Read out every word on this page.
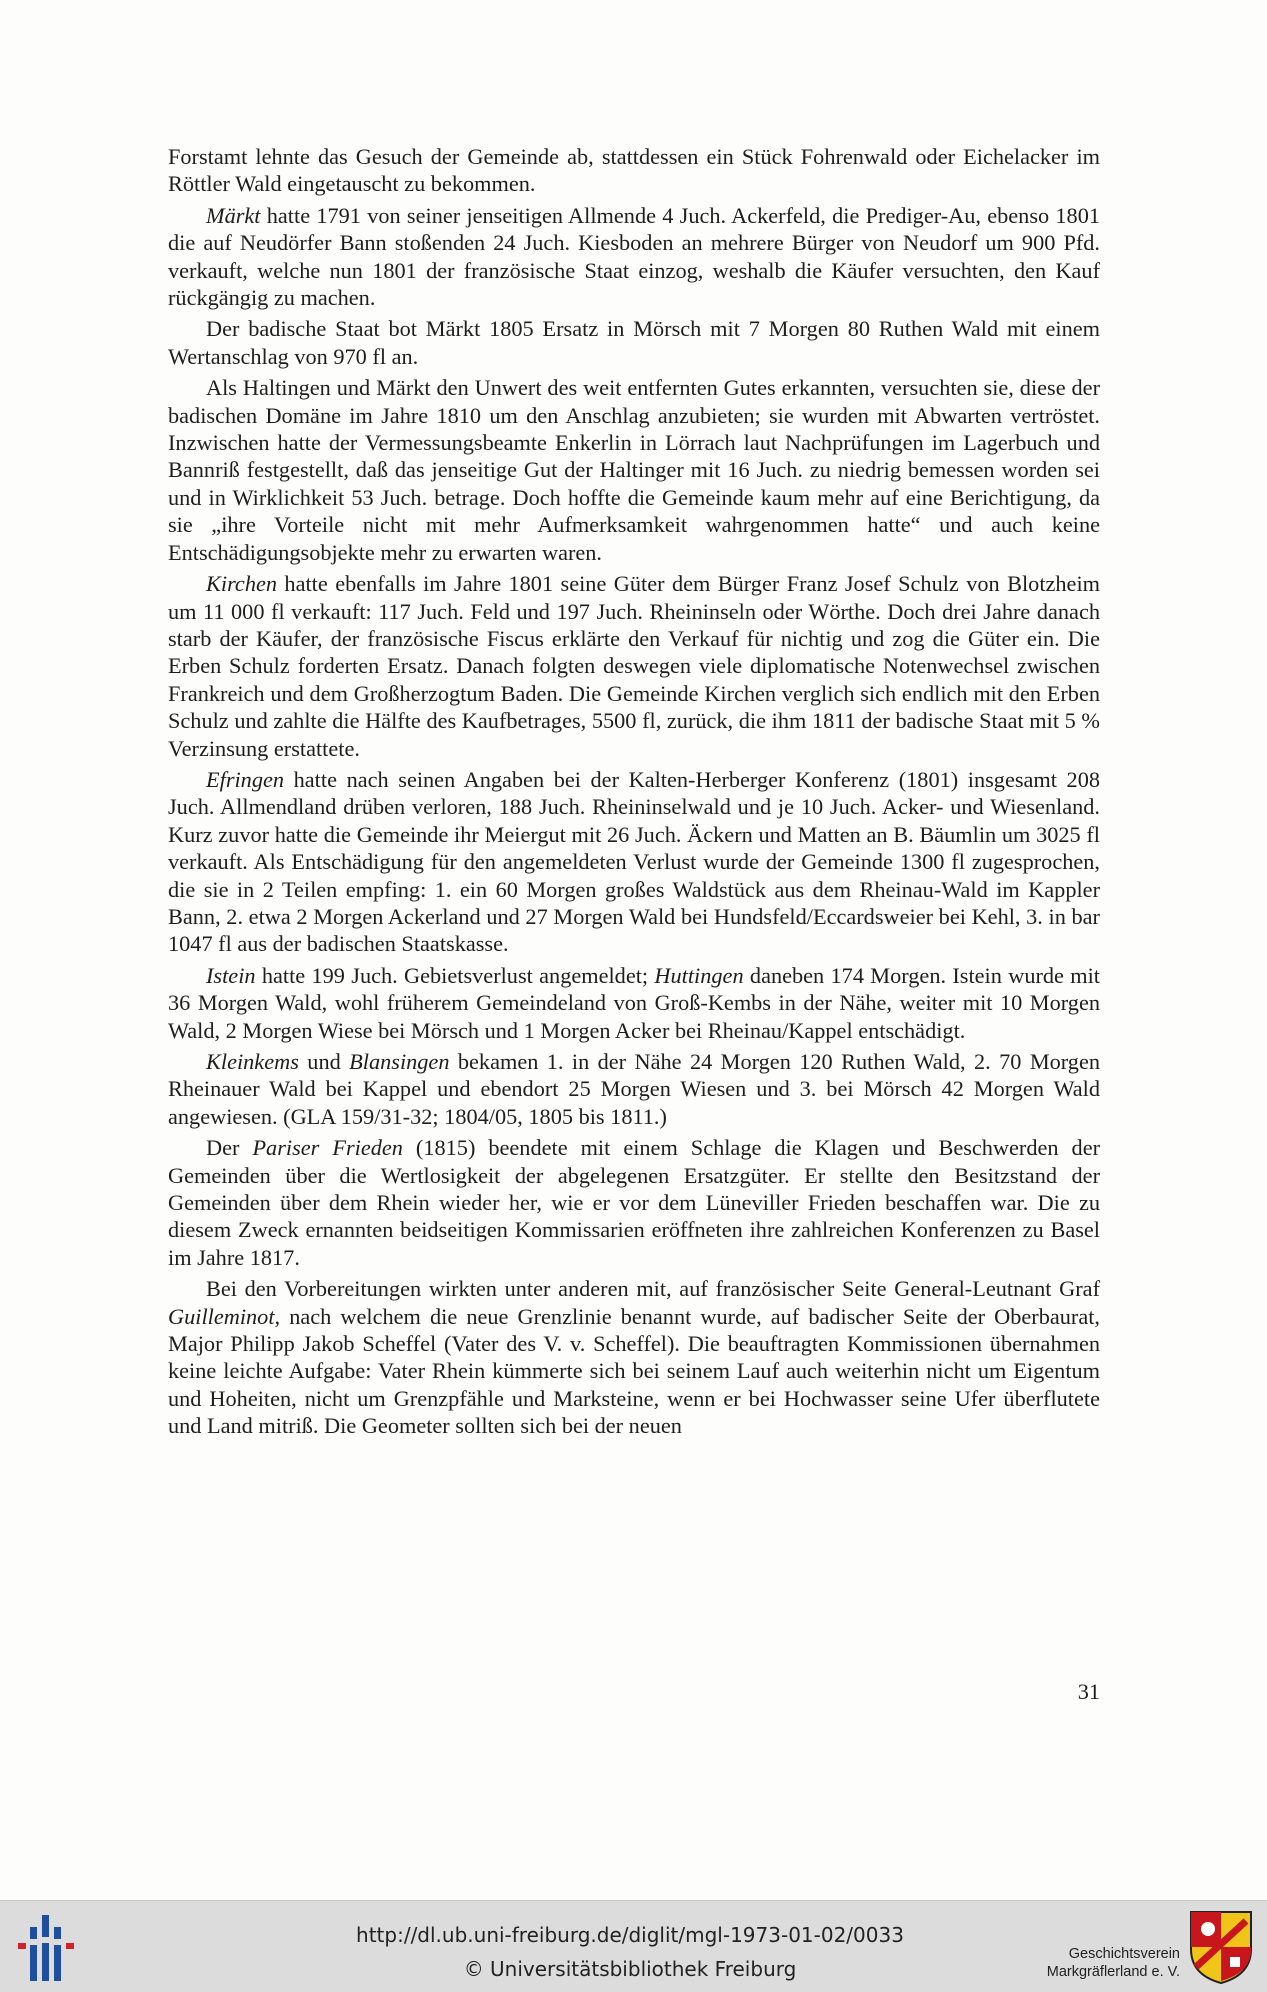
Forstamt lehnte das Gesuch der Gemeinde ab, stattdessen ein Stück Fohrenwald oder Eichelacker im Röttler Wald eingetauscht zu bekommen.

Märkt hatte 1791 von seiner jenseitigen Allmende 4 Juch. Ackerfeld, die Prediger-Au, ebenso 1801 die auf Neudörfer Bann stoßenden 24 Juch. Kiesboden an mehrere Bürger von Neudorf um 900 Pfd. verkauft, welche nun 1801 der französische Staat einzog, weshalb die Käufer versuchten, den Kauf rückgängig zu machen.

Der badische Staat bot Märkt 1805 Ersatz in Mörsch mit 7 Morgen 80 Ruthen Wald mit einem Wertanschlag von 970 fl an.

Als Haltingen und Märkt den Unwert des weit entfernten Gutes erkannten, versuchten sie, diese der badischen Domäne im Jahre 1810 um den Anschlag anzubieten; sie wurden mit Abwarten vertröstet. Inzwischen hatte der Vermessungsbeamte Enkerlin in Lörrach laut Nachprüfungen im Lagerbuch und Bannriß festgestellt, daß das jenseitige Gut der Haltinger mit 16 Juch. zu niedrig bemessen worden sei und in Wirklichkeit 53 Juch. betrage. Doch hoffte die Gemeinde kaum mehr auf eine Berichtigung, da sie „ihre Vorteile nicht mit mehr Aufmerksamkeit wahrgenommen hatte“ und auch keine Entschädigungsobjekte mehr zu erwarten waren.

Kirchen hatte ebenfalls im Jahre 1801 seine Güter dem Bürger Franz Josef Schulz von Blotzheim um 11 000 fl verkauft: 117 Juch. Feld und 197 Juch. Rheininseln oder Wörthe. Doch drei Jahre danach starb der Käufer, der französische Fiscus erklärte den Verkauf für nichtig und zog die Güter ein. Die Erben Schulz forderten Ersatz. Danach folgten deswegen viele diplomatische Notenwechsel zwischen Frankreich und dem Großherzogtum Baden. Die Gemeinde Kirchen verglich sich endlich mit den Erben Schulz und zahlte die Hälfte des Kaufbetrages, 5500 fl, zurück, die ihm 1811 der badische Staat mit 5 % Verzinsung erstattete.

Efringen hatte nach seinen Angaben bei der Kalten-Herberger Konferenz (1801) insgesamt 208 Juch. Allmendland drüben verloren, 188 Juch. Rheininselwald und je 10 Juch. Acker- und Wiesenland. Kurz zuvor hatte die Gemeinde ihr Meiergut mit 26 Juch. Äckern und Matten an B. Bäumlin um 3025 fl verkauft. Als Entschädigung für den angemeldeten Verlust wurde der Gemeinde 1300 fl zugesprochen, die sie in 2 Teilen empfing: 1. ein 60 Morgen großes Waldstück aus dem Rheinau-Wald im Kappler Bann, 2. etwa 2 Morgen Ackerland und 27 Morgen Wald bei Hundsfeld/Eccardsweier bei Kehl, 3. in bar 1047 fl aus der badischen Staatskasse.

Istein hatte 199 Juch. Gebietsverlust angemeldet; Huttingen daneben 174 Morgen. Istein wurde mit 36 Morgen Wald, wohl früherem Gemeindeland von Groß-Kembs in der Nähe, weiter mit 10 Morgen Wald, 2 Morgen Wiese bei Mörsch und 1 Morgen Acker bei Rheinau/Kappel entschädigt.

Kleinkems und Blansingen bekamen 1. in der Nähe 24 Morgen 120 Ruthen Wald, 2. 70 Morgen Rheinauer Wald bei Kappel und ebendort 25 Morgen Wiesen und 3. bei Mörsch 42 Morgen Wald angewiesen. (GLA 159/31-32; 1804/05, 1805 bis 1811.)

Der Pariser Frieden (1815) beendete mit einem Schlage die Klagen und Beschwerden der Gemeinden über die Wertlosigkeit der abgelegenen Ersatzgüter. Er stellte den Besitzstand der Gemeinden über dem Rhein wieder her, wie er vor dem Lüneviller Frieden beschaffen war. Die zu diesem Zweck ernannten beidseitigen Kommissarien eröffneten ihre zahlreichen Konferenzen zu Basel im Jahre 1817.

Bei den Vorbereitungen wirkten unter anderen mit, auf französischer Seite General-Leutnant Graf Guilleminot, nach welchem die neue Grenzlinie benannt wurde, auf badischer Seite der Oberbaurat, Major Philipp Jakob Scheffel (Vater des V. v. Scheffel). Die beauftragten Kommissionen übernahmen keine leichte Aufgabe: Vater Rhein kümmerte sich bei seinem Lauf auch weiterhin nicht um Eigentum und Hoheiten, nicht um Grenzpfähle und Marksteine, wenn er bei Hochwasser seine Ufer überflutete und Land mitriß. Die Geometer sollten sich bei der neuen

31
http://dl.ub.uni-freiburg.de/diglit/mgl-1973-01-02/0033
© Universitätsbibliothek Freiburg
Geschichtsverein
Markgräflerland e. V.
